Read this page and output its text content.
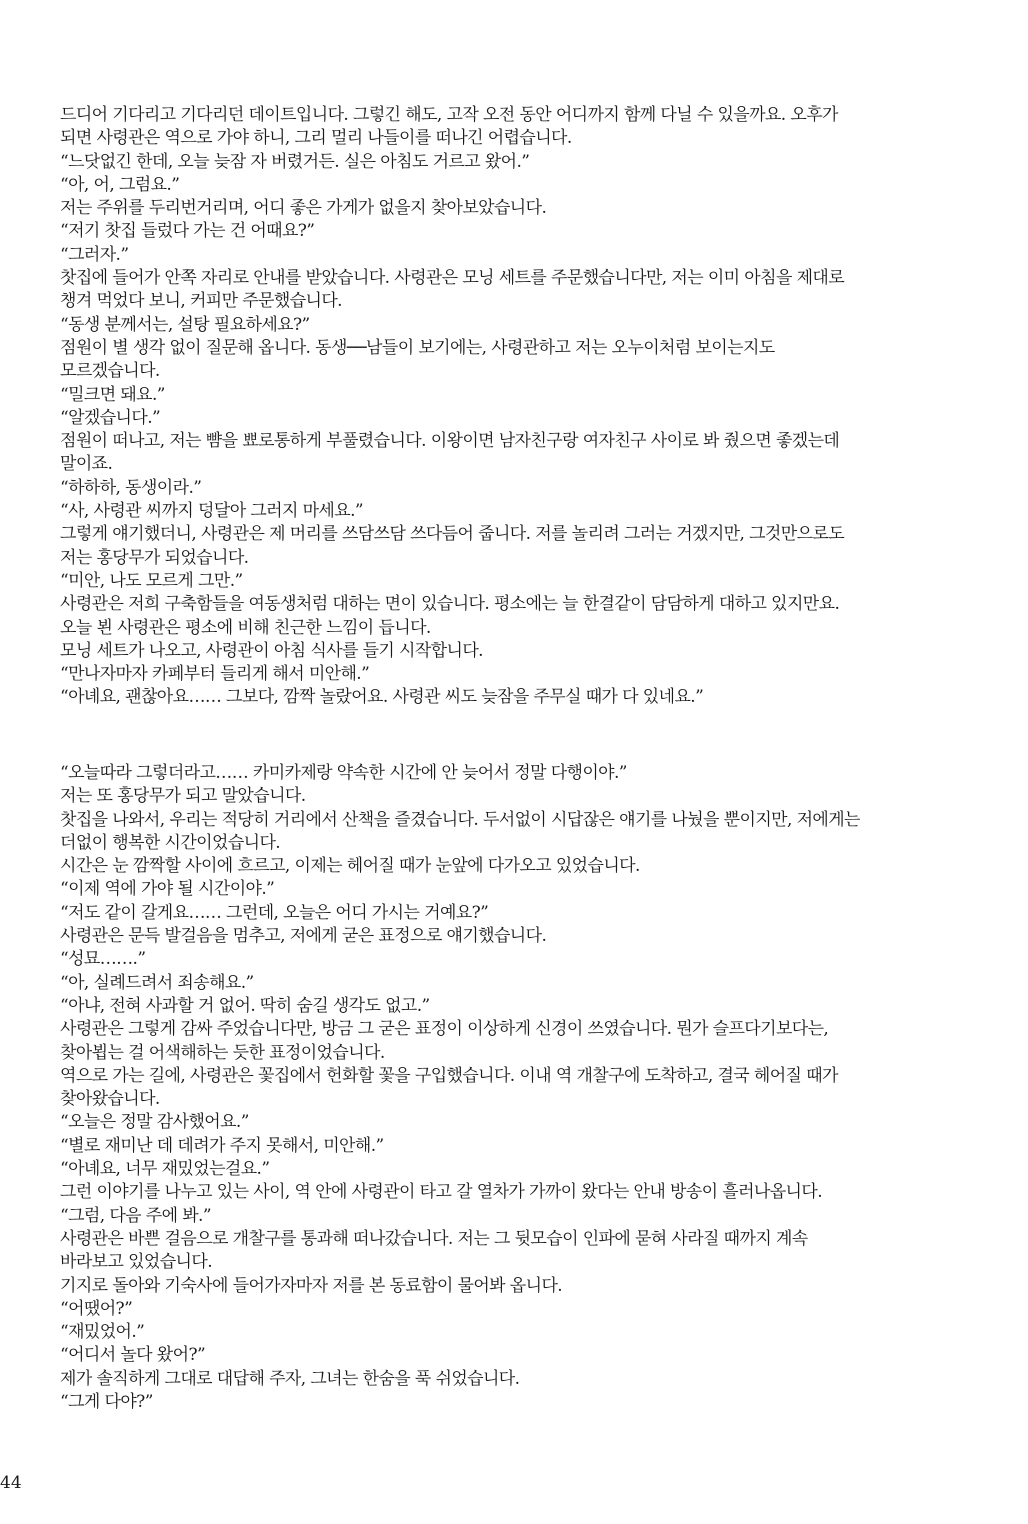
드디어 기다리고 기다리던 데이트입니다. 그렇긴 해도, 고작 오전 동안 어디까지 함께 다닐 수 있을까요. 오후가
되면 사령관은 역으로 가야 하니, 그리 멀리 나들이를 떠나긴 어렵습니다.
“느닷없긴 한데, 오늘 늦잠 자 버렸거든. 실은 아침도 거르고 왔어.”
“아, 어, 그럼요.”
저는 주위를 두리번거리며, 어디 좋은 가게가 없을지 찾아보았습니다.
“저기 찻집 들렀다 가는 건 어때요?”
“그러자.”
찻집에 들어가 안쪽 자리로 안내를 받았습니다. 사령관은 모닝 세트를 주문했습니다만, 저는 이미 아침을 제대로
챙겨 먹었다 보니, 커피만 주문했습니다.
“동생 분께서는, 설탕 필요하세요?”
점원이 별 생각 없이 질문해 옵니다. 동생──남들이 보기에는, 사령관하고 저는 오누이처럼 보이는지도
모르겠습니다.
“밀크면 돼요.”
“알겠습니다.”
점원이 떠나고, 저는 뺨을 뾰로통하게 부풀렸습니다. 이왕이면 남자친구랑 여자친구 사이로 봐 줬으면 좋겠는데
말이죠.
“하하하, 동생이라.”
“사, 사령관 씨까지 덩달아 그러지 마세요.”
그렇게 얘기했더니, 사령관은 제 머리를 쓰담쓰담 쓰다듬어 줍니다. 저를 놀리려 그러는 거겠지만, 그것만으로도
저는 홍당무가 되었습니다.
“미안, 나도 모르게 그만.”
사령관은 저희 구축함들을 여동생처럼 대하는 면이 있습니다. 평소에는 늘 한결같이 담담하게 대하고 있지만요.
오늘 뵌 사령관은 평소에 비해 친근한 느낌이 듭니다.
모닝 세트가 나오고, 사령관이 아침 식사를 들기 시작합니다.
“만나자마자 카페부터 들리게 해서 미안해.”
“아녜요, 괜찮아요…… 그보다, 깜짝 놀랐어요. 사령관 씨도 늦잠을 주무실 때가 다 있네요.”
“오늘따라 그렇더라고…… 카미카제랑 약속한 시간에 안 늦어서 정말 다행이야.”
저는 또 홍당무가 되고 말았습니다.
찻집을 나와서, 우리는 적당히 거리에서 산책을 즐겼습니다. 두서없이 시답잖은 얘기를 나눴을 뿐이지만, 저에게는
더없이 행복한 시간이었습니다.
시간은 눈 깜짝할 사이에 흐르고, 이제는 헤어질 때가 눈앞에 다가오고 있었습니다.
“이제 역에 가야 될 시간이야.”
“저도 같이 갈게요…… 그런데, 오늘은 어디 가시는 거예요?”
사령관은 문득 발걸음을 멈추고, 저에게 굳은 표정으로 얘기했습니다.
“성묘…….”
“아, 실례드려서 죄송해요.”
“아냐, 전혀 사과할 거 없어. 딱히 숨길 생각도 없고.”
사령관은 그렇게 감싸 주었습니다만, 방금 그 굳은 표정이 이상하게 신경이 쓰였습니다. 뭔가 슬프다기보다는,
찾아뵙는 걸 어색해하는 듯한 표정이었습니다.
역으로 가는 길에, 사령관은 꽃집에서 헌화할 꽃을 구입했습니다. 이내 역 개찰구에 도착하고, 결국 헤어질 때가
찾아왔습니다.
“오늘은 정말 감사했어요.”
“별로 재미난 데 데려가 주지 못해서, 미안해.”
“아녜요, 너무 재밌었는걸요.”
그런 이야기를 나누고 있는 사이, 역 안에 사령관이 타고 갈 열차가 가까이 왔다는 안내 방송이 흘러나옵니다.
“그럼, 다음 주에 봐.”
사령관은 바쁜 걸음으로 개찰구를 통과해 떠나갔습니다. 저는 그 뒷모습이 인파에 묻혀 사라질 때까지 계속
바라보고 있었습니다.
기지로 돌아와 기숙사에 들어가자마자 저를 본 동료함이 물어봐 옵니다.
“어땠어?”
“재밌었어.”
“어디서 놀다 왔어?”
제가 솔직하게 그대로 대답해 주자, 그녀는 한숨을 푹 쉬었습니다.
“그게 다야?”
44
